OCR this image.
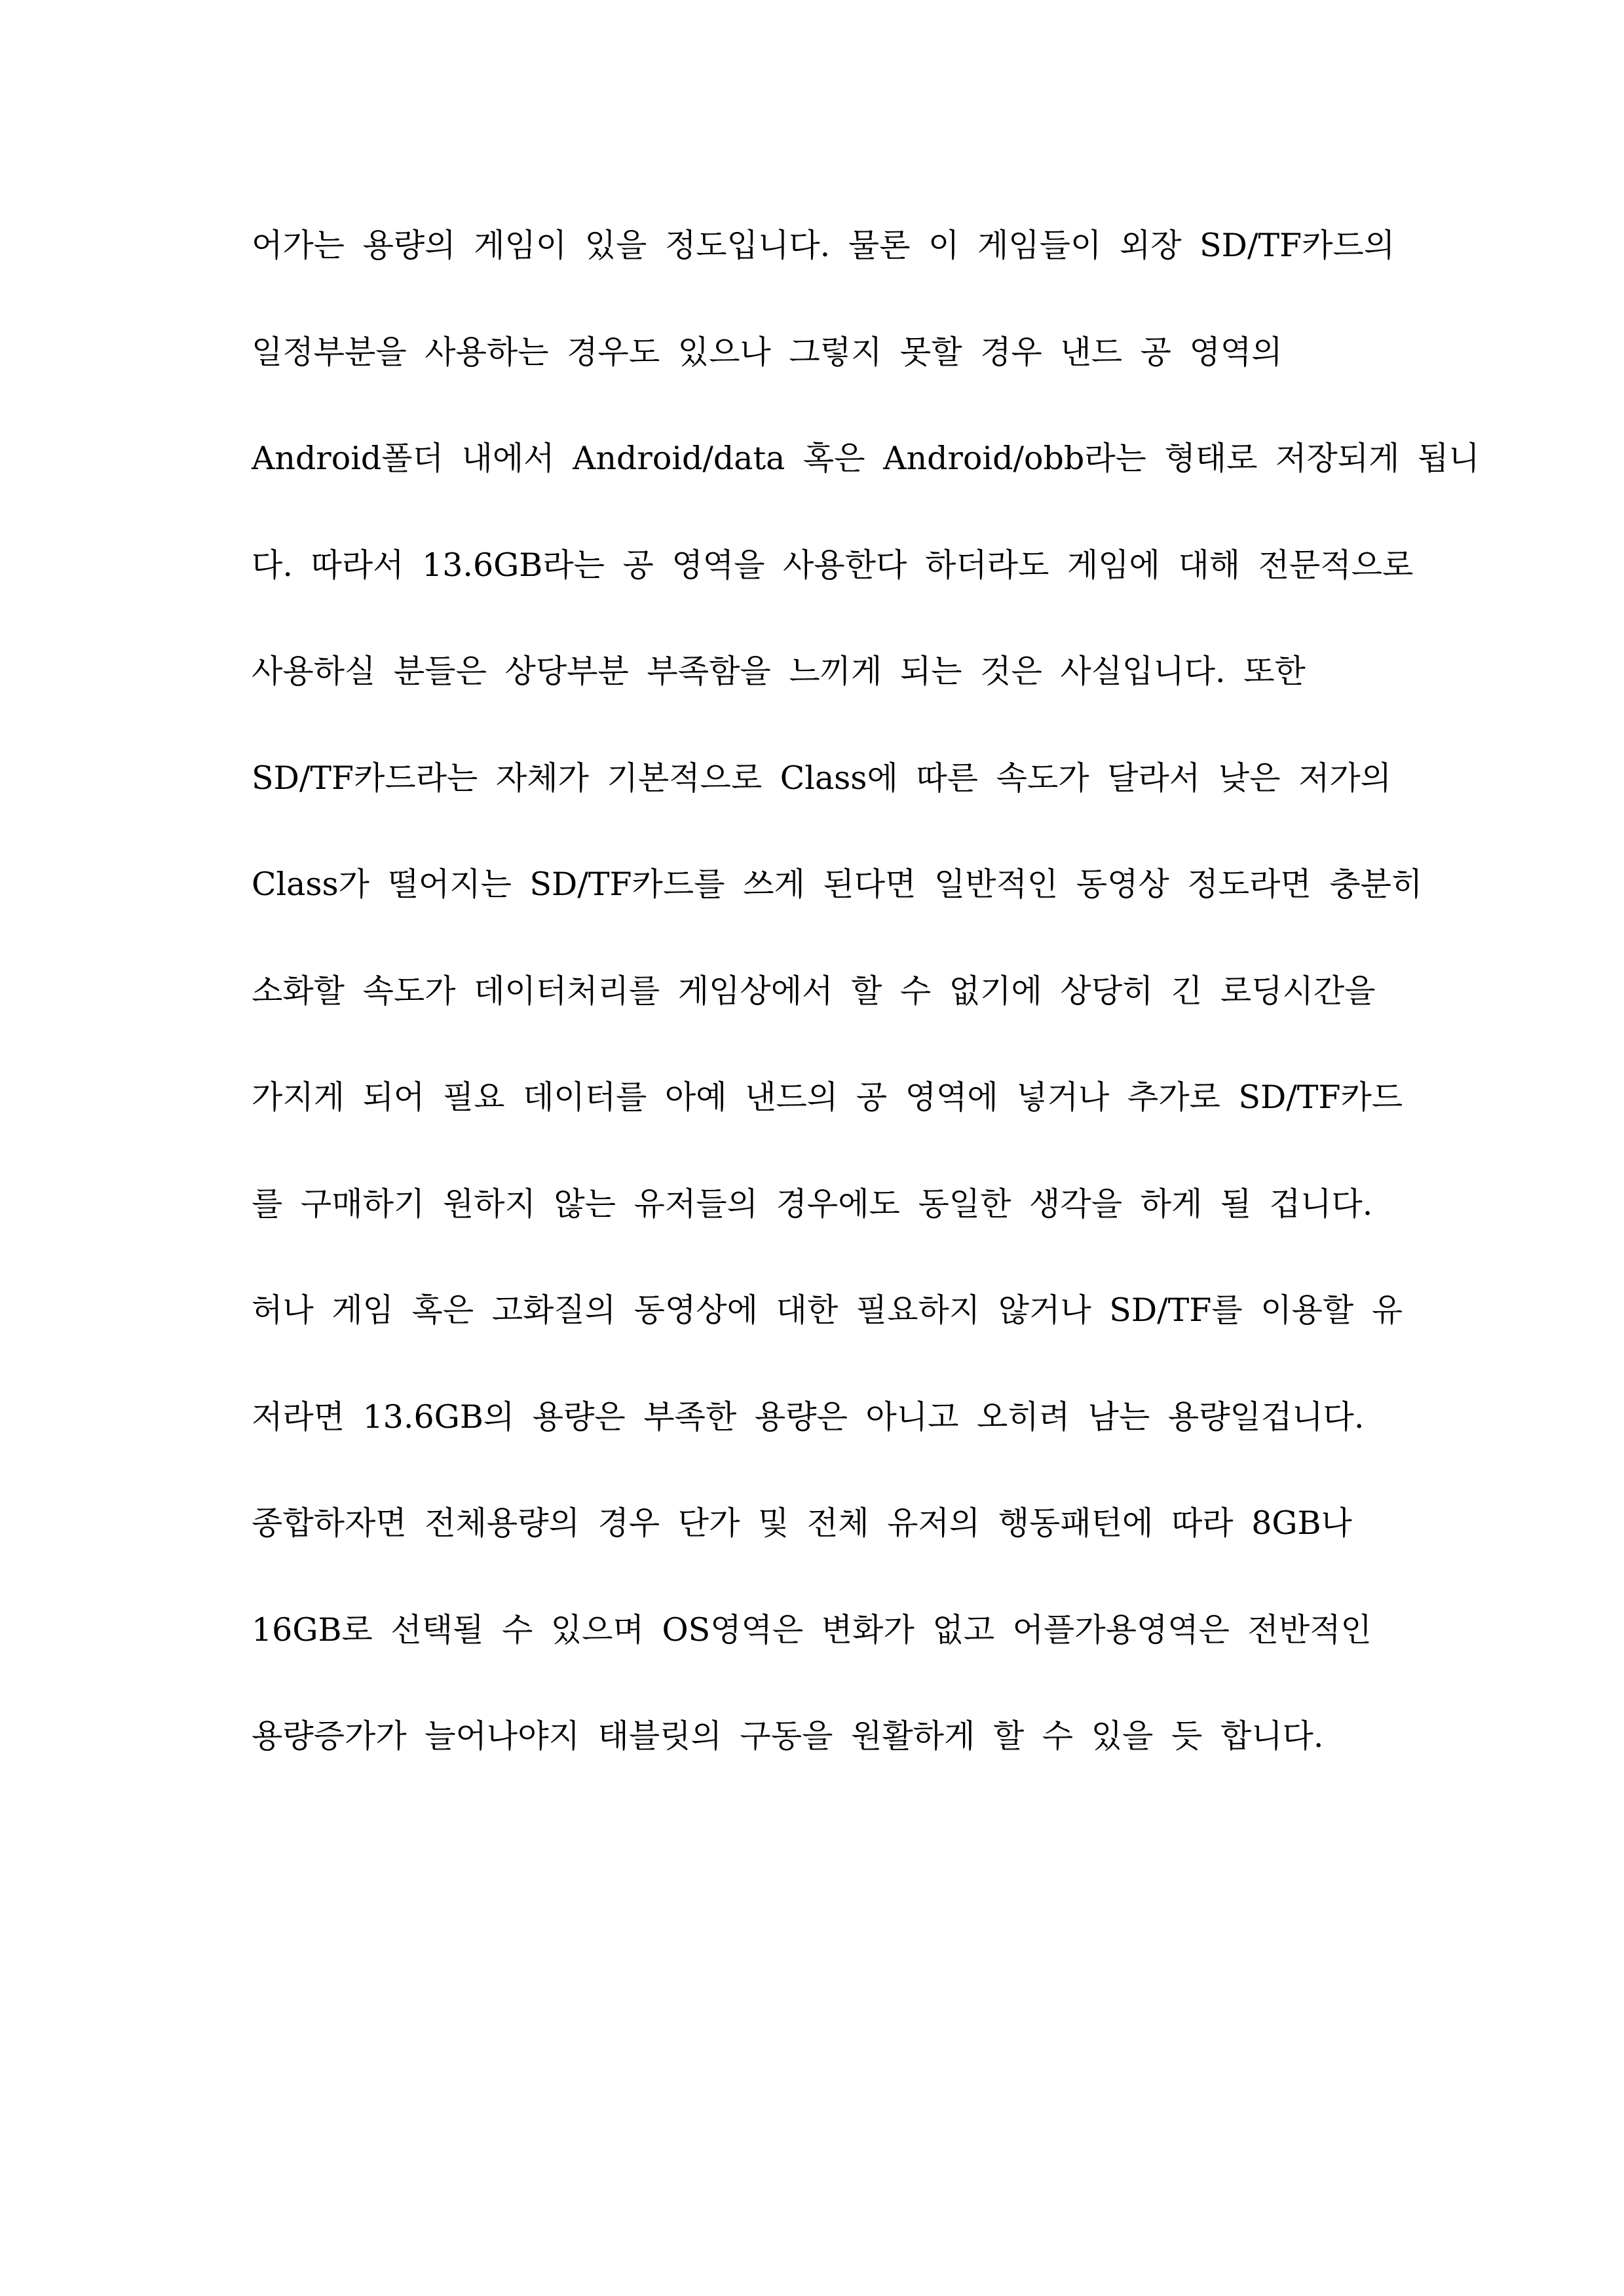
어가는 용량의 게임이 있을 정도입니다. 물론 이 게임들이 외장 SD/TF카드의
일정부분을 사용하는 경우도 있으나 그렇지 못할 경우 낸드 공 영역의
Android폴더 내에서 Android/data 혹은 Android/obb라는 형태로 저장되게 됩니
다. 따라서 13.6GB라는 공 영역을 사용한다 하더라도 게임에 대해 전문적으로
사용하실 분들은 상당부분 부족함을 느끼게 되는 것은 사실입니다. 또한
SD/TF카드라는 자체가 기본적으로 Class에 따른 속도가 달라서 낮은 저가의
Class가 떨어지는 SD/TF카드를 쓰게 된다면 일반적인 동영상 정도라면 충분히
소화할 속도가 데이터처리를 게임상에서 할 수 없기에 상당히 긴 로딩시간을
가지게 되어 필요 데이터를 아예 낸드의 공 영역에 넣거나 추가로 SD/TF카드
를 구매하기 원하지 않는 유저들의 경우에도 동일한 생각을 하게 될 겁니다.
허나 게임 혹은 고화질의 동영상에 대한 필요하지 않거나 SD/TF를 이용할 유
저라면 13.6GB의 용량은 부족한 용량은 아니고 오히려 남는 용량일겁니다.
종합하자면 전체용량의 경우 단가 및 전체 유저의 행동패턴에 따라 8GB나
16GB로 선택될 수 있으며 OS영역은 변화가 없고 어플가용영역은 전반적인
용량증가가 늘어나야지 태블릿의 구동을 원활하게 할 수 있을 듯 합니다.
